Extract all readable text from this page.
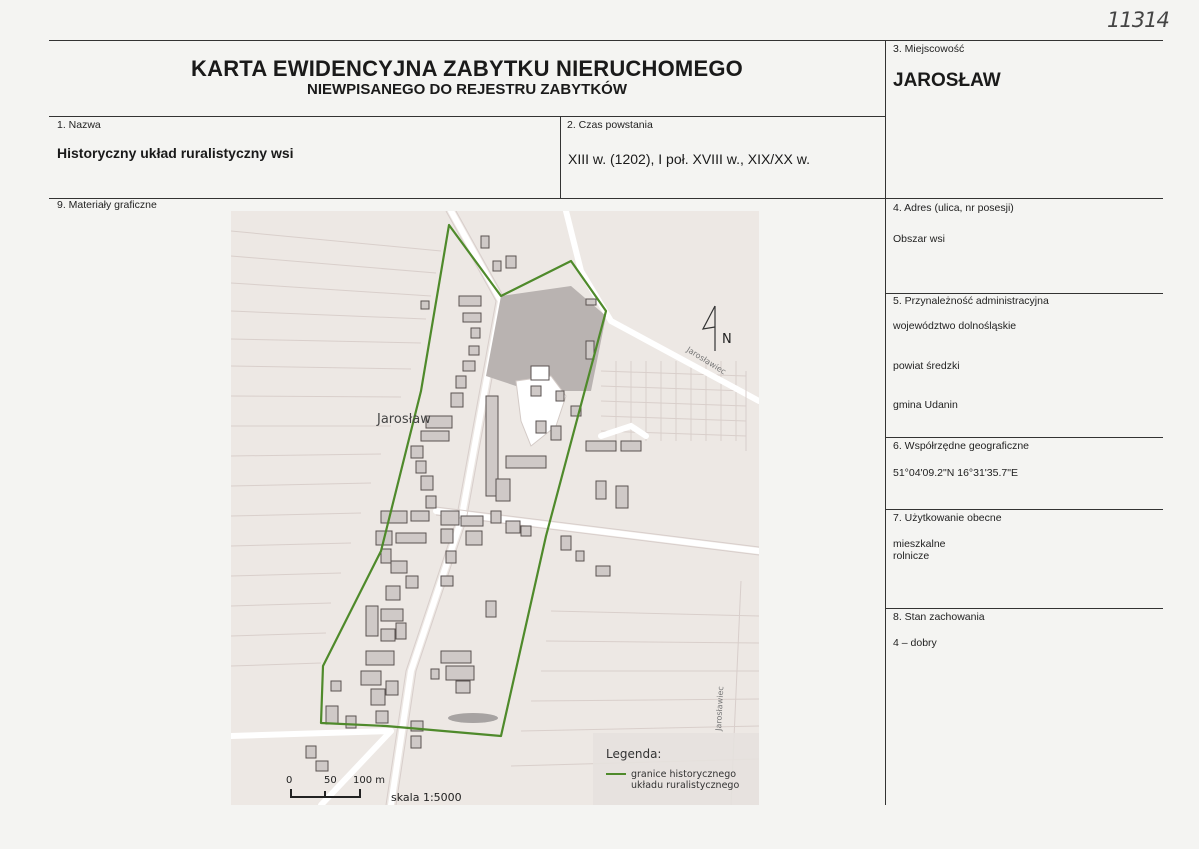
11314
KARTA EWIDENCYJNA ZABYTKU NIERUCHOMEGO
NIEWPISANEGO DO REJESTRU ZABYTKÓW
3. Miejscowość
JAROSŁAW
1. Nazwa
Historyczny układ ruralistyczny wsi
2. Czas powstania
XIII w. (1202), I poł. XVIII w., XIX/XX w.
9. Materiały graficzne	4. Adres (ulica, nr posesji)
Obszar wsi
5. Przynależność administracyjna
województwo dolnośląskie
powiat średzki
gmina Udanin
6. Współrzędne geograficzne
51°04'09.2"N 16°31'35.7"E
7. Użytkowanie obecne
mieszkalne
rolnicze
8. Stan zachowania
4 – dobry
N
Jarosław
Jarosławiec
Jarosławiec
0	50 100 m
skala 1:5000
Legenda:
granice historycznego
układu ruralistycznego
